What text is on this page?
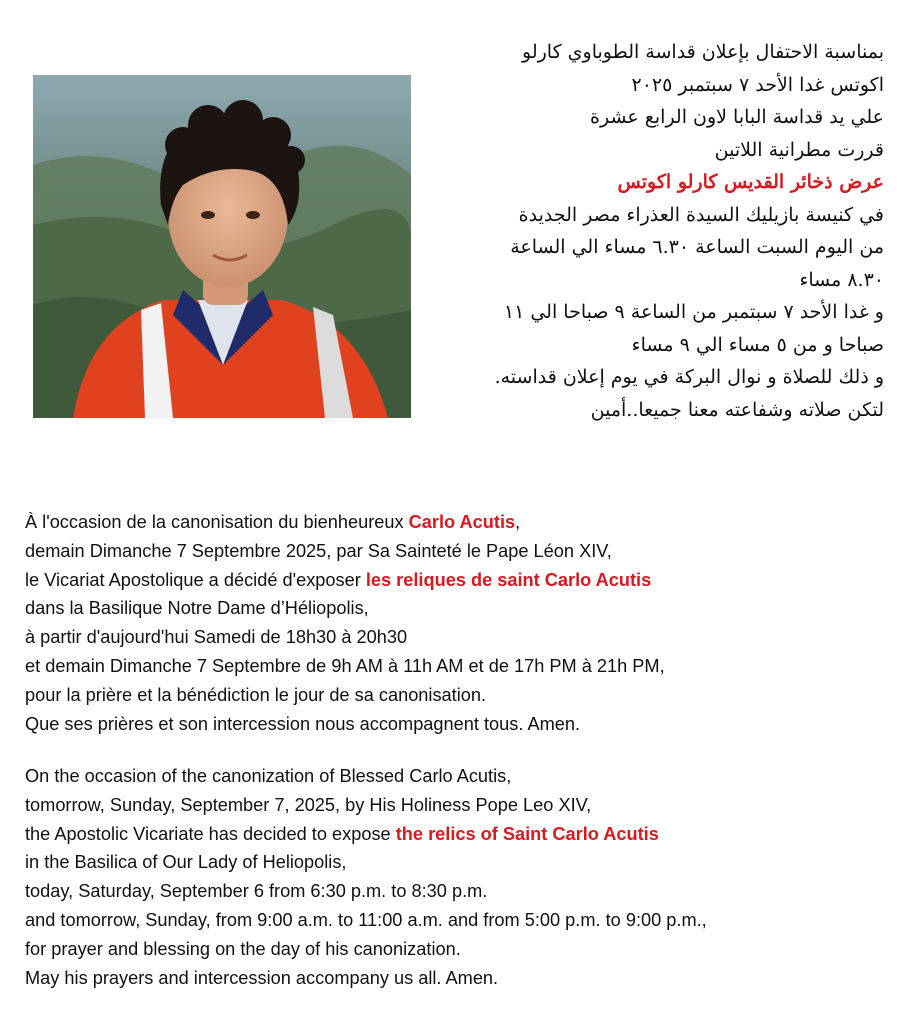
بمناسبة الاحتفال بإعلان قداسة الطوباوي كارلو
اكوتس غدا الأحد ٧ سبتمبر ٢٠٢٥
علي يد قداسة البابا لاون الرابع عشرة
قررت مطرانية اللاتين
عرض ذخائر القديس كارلو اكوتس
في كنيسة بازيليك السيدة العذراء مصر الجديدة
من اليوم السبت الساعة ٦.٣٠ مساء الي الساعة
٨.٣٠ مساء
و غدا الأحد ٧ سبتمبر من الساعة ٩ صباحا الي ١١
صباحا و من ٥ مساء الي ٩ مساء
و ذلك للصلاة و نوال البركة في يوم إعلان قداسته.
لتكن صلاته وشفاعته معنا جميعا..أمين
À l'occasion de la canonisation du bienheureux Carlo Acutis,
demain Dimanche 7 Septembre 2025, par Sa Sainteté le Pape Léon XIV,
le Vicariat Apostolique a décidé d'exposer les reliques de saint Carlo Acutis
dans la Basilique Notre Dame d’Héliopolis,
à partir d'aujourd'hui Samedi de 18h30 à 20h30
et demain Dimanche 7 Septembre de 9h AM à 11h AM et de 17h PM à 21h PM,
pour la prière et la bénédiction le jour de sa canonisation.
Que ses prières et son intercession nous accompagnent tous. Amen.
On the occasion of the canonization of Blessed Carlo Acutis,
tomorrow, Sunday, September 7, 2025, by His Holiness Pope Leo XIV,
the Apostolic Vicariate has decided to expose the relics of Saint Carlo Acutis
in the Basilica of Our Lady of Heliopolis,
today, Saturday, September 6 from 6:30 p.m. to 8:30 p.m.
and tomorrow, Sunday, from 9:00 a.m. to 11:00 a.m. and from 5:00 p.m. to 9:00 p.m.,
for prayer and blessing on the day of his canonization.
May his prayers and intercession accompany us all. Amen.
